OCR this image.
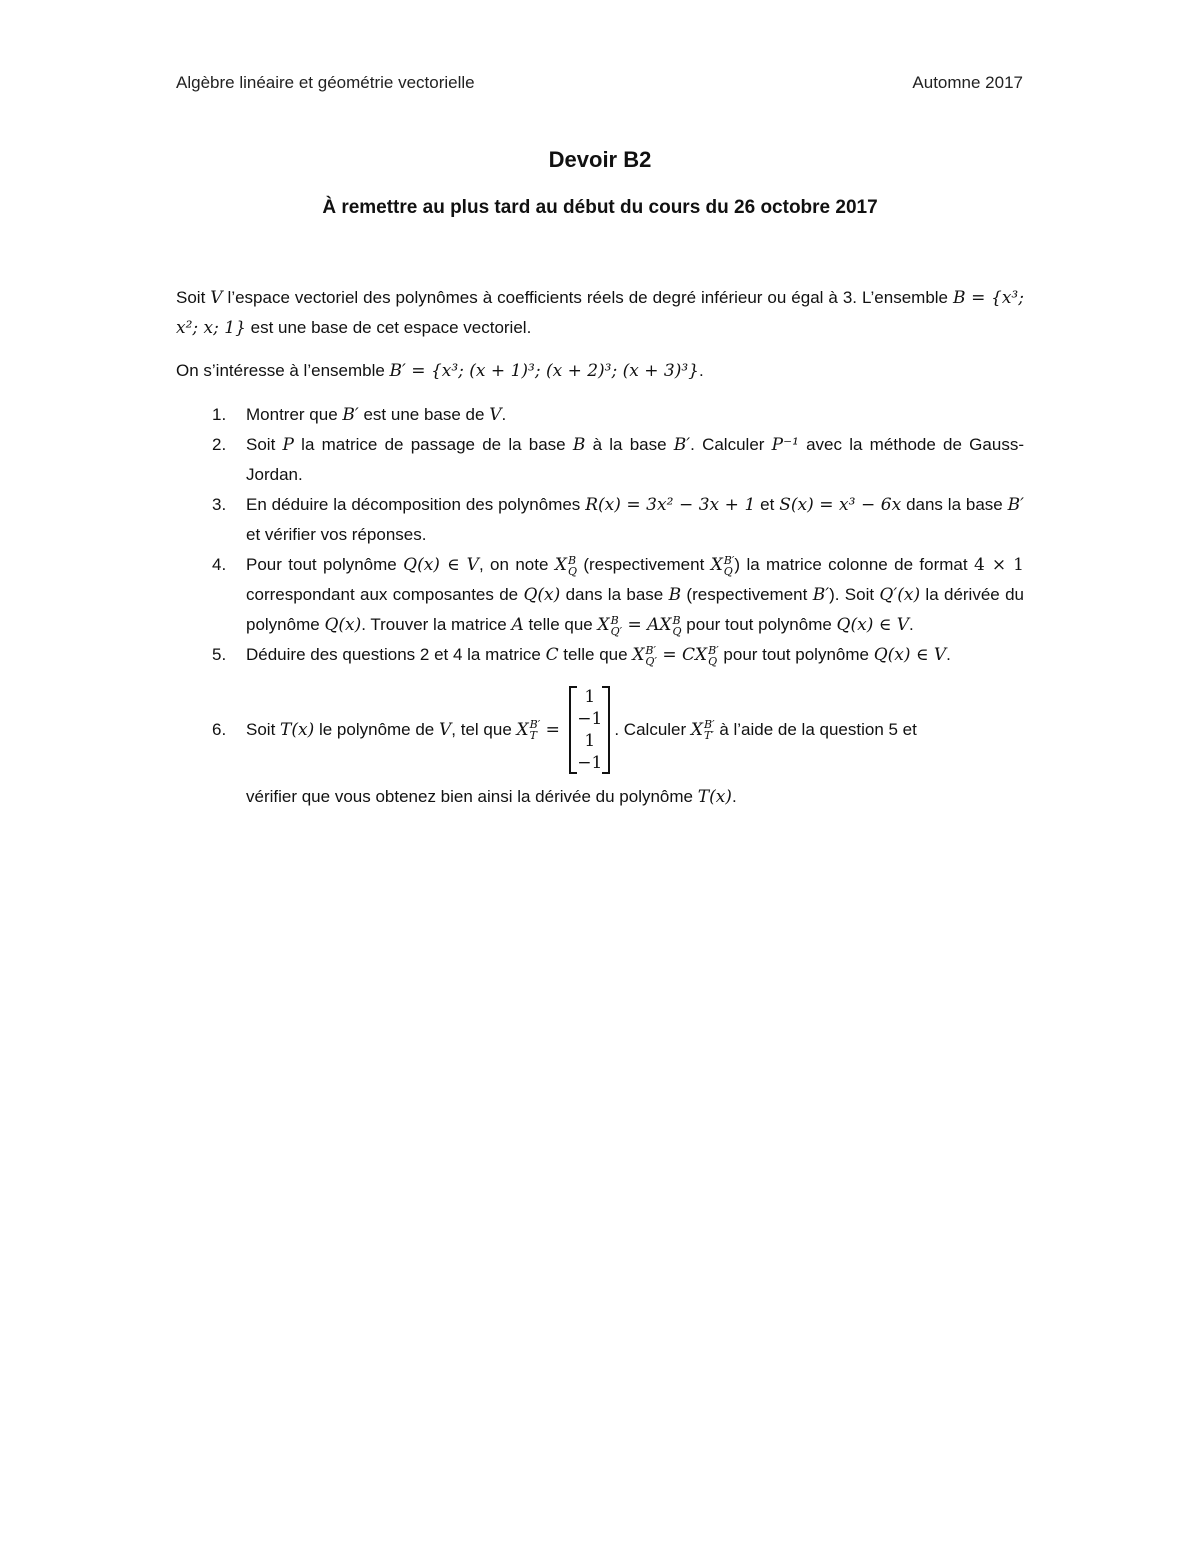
Algèbre linéaire et géométrie vectorielle	Automne 2017
Devoir B2
À remettre au plus tard au début du cours du 26 octobre 2017
Soit V l’espace vectoriel des polynômes à coefficients réels de degré inférieur ou égal à 3. L’ensemble B = {x³; x²; x; 1} est une base de cet espace vectoriel.
On s’intéresse à l’ensemble B′ = {x³; (x + 1)³; (x + 2)³; (x + 3)³}.
1. Montrer que B′ est une base de V.
2. Soit P la matrice de passage de la base B à la base B′. Calculer P⁻¹ avec la méthode de Gauss-Jordan.
3. En déduire la décomposition des polynômes R(x) = 3x² − 3x + 1 et S(x) = x³ − 6x dans la base B′ et vérifier vos réponses.
4. Pour tout polynôme Q(x) ∈ V, on note X B
Q (respectivement X B′
Q ) la matrice colonne de format 4 × 1 correspondant aux composantes de Q(x) dans la base B (respectivement B′). Soit Q′(x) la dérivée du polynôme Q(x). Trouver la matrice A telle que X B
Q′ = AX B
Q pour tout polynôme Q(x) ∈ V.
5. Déduire des questions 2 et 4 la matrice C telle que X B′
Q′ = CX B′
Q pour tout polynôme Q(x) ∈ V.
6. Soit
T(x)
le polynôme de
V , tel que
X B′
T =
1
−1
1
−1
. Calculer X B′
T′ à l’aide de la question 5 et
vérifier que vous obtenez bien ainsi la dérivée du polynôme T(x).
